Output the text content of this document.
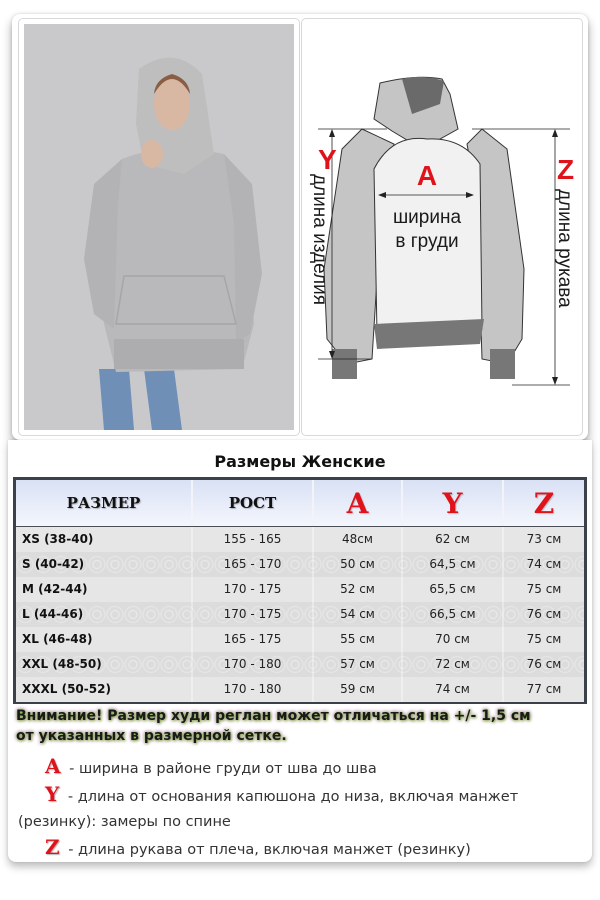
Y	Z
A
ширина
в груди
длина изделия	длина рукава
Размеры Женские
РАЗМЕР	РОСТ	A	Y	Z
XS (38-40)	155 - 165	48см	62 см	73 см
S (40-42)	165 - 170	50 см	64,5 см	74 см
M (42-44)	170 - 175	52 см	65,5 см	75 см
L (44-46)	170 - 175	54 см	66,5 см	76 см
XL (46-48)	165 - 175	55 см	70 см	75 см
XXL (48-50)	170 - 180	57 см	72 см	76 см
XXXL (50-52)	170 - 180	59 см	74 см	77 см
Внимание! Размер худи реглан может отличаться на +/- 1,5 см
от указанных в размерной сетке.
A - ширина в районе груди от шва до шва
Y - длина от основания капюшона до низа, включая манжет
(резинку): замеры по спине
Z - длина рукава от плеча, включая манжет (резинку)
